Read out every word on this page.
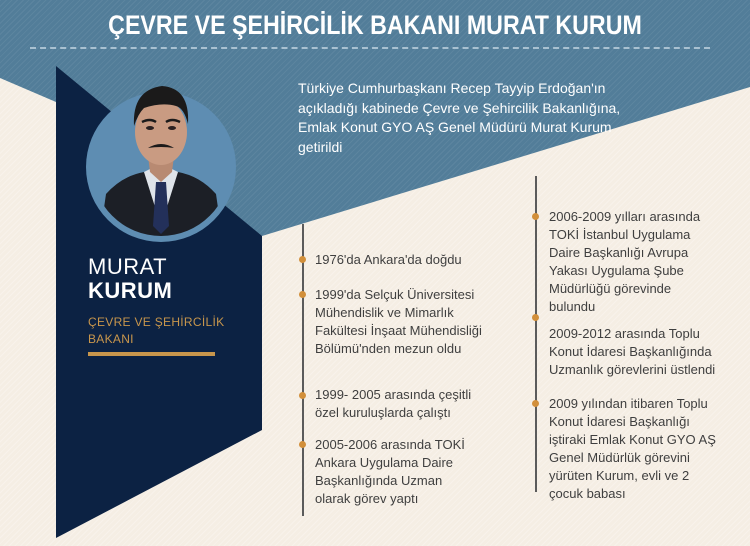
ÇEVRE VE ŞEHİRCİLİK BAKANI MURAT KURUM
MURAT
KURUM
ÇEVRE VE ŞEHİRCİLİK BAKANI
Türkiye Cumhurbaşkanı Recep Tayyip Erdoğan'ın açıkladığı kabinede Çevre ve Şehircilik Bakanlığına, Emlak Konut GYO AŞ Genel Müdürü Murat Kurum getirildi
1976'da Ankara'da doğdu
1999'da Selçuk Üniversitesi Mühendislik ve Mimarlık Fakültesi İnşaat Mühendisliği Bölümü'nden mezun oldu
1999- 2005 arasında çeşitli özel kuruluşlarda çalıştı
2005-2006 arasında TOKİ Ankara Uygulama Daire Başkanlığında Uzman olarak görev yaptı
2006-2009 yılları arasında TOKİ İstanbul Uygulama Daire Başkanlığı Avrupa Yakası Uygulama Şube Müdürlüğü görevinde bulundu
2009-2012 arasında Toplu Konut İdaresi Başkanlığında Uzmanlık görevlerini üstlendi
2009 yılından itibaren Toplu Konut İdaresi Başkanlığı iştiraki Emlak Konut GYO AŞ Genel Müdürlük görevini yürüten Kurum, evli ve 2 çocuk babası
